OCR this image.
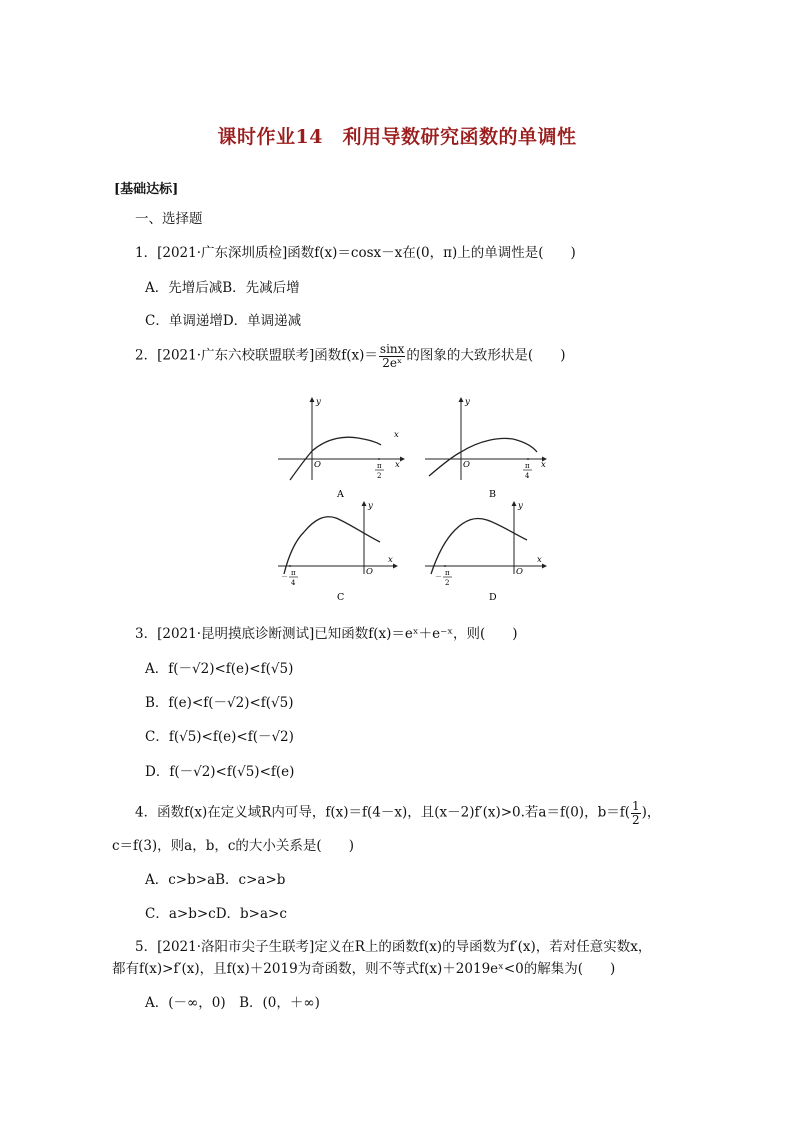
课时作业14　利用导数研究函数的单调性
[基础达标]
一、选择题
1．[2021·广东深圳质检]函数f(x)＝cosx－x在(0，π)上的单调性是(　　)
A．先增后减B．先减后增
C．单调递增D．单调递减
2．[2021·广东六校联盟联考]函数$f(x)= \frac{\sin x}{\text{2eˣ}}$ 的图象的大致形状是(　　)
x
x
y
O	π
2
A
x
y
O	π
4
B
x
y
O
－ π
4
C
x
y
O
－ π
2
D
3．[2021·昆明摸底诊断测试]已知函数f(x)＝eˣ＋e⁻ˣ，则(　　)
A．f(－√2)<f(e)<f(√5)
B．f(e)<f(－√2)<f(√5)
C．f(√5)<f(e)<f(－√2)
D．f(－√2)<f(√5)<f(e)
4．函数f(x)在定义域R内可导，f(x)＝f(4－x)，且(x－2)f′(x)>0.若a＝f(0)，$b=f( \frac{1}{2}$ )，
c＝f(3)，则a，b，c的大小关系是(　　)
A．c>b>aB．c>a>b
C．a>b>cD．b>a>c
5．[2021·洛阳市尖子生联考]定义在R上的函数f(x)的导函数为f′(x)，若对任意实数x，
都有f(x)>f′(x)，且f(x)＋2019为奇函数，则不等式f(x)＋2019eˣ<0的解集为(　　)
A．(－∞，0)　B．(0，＋∞)
